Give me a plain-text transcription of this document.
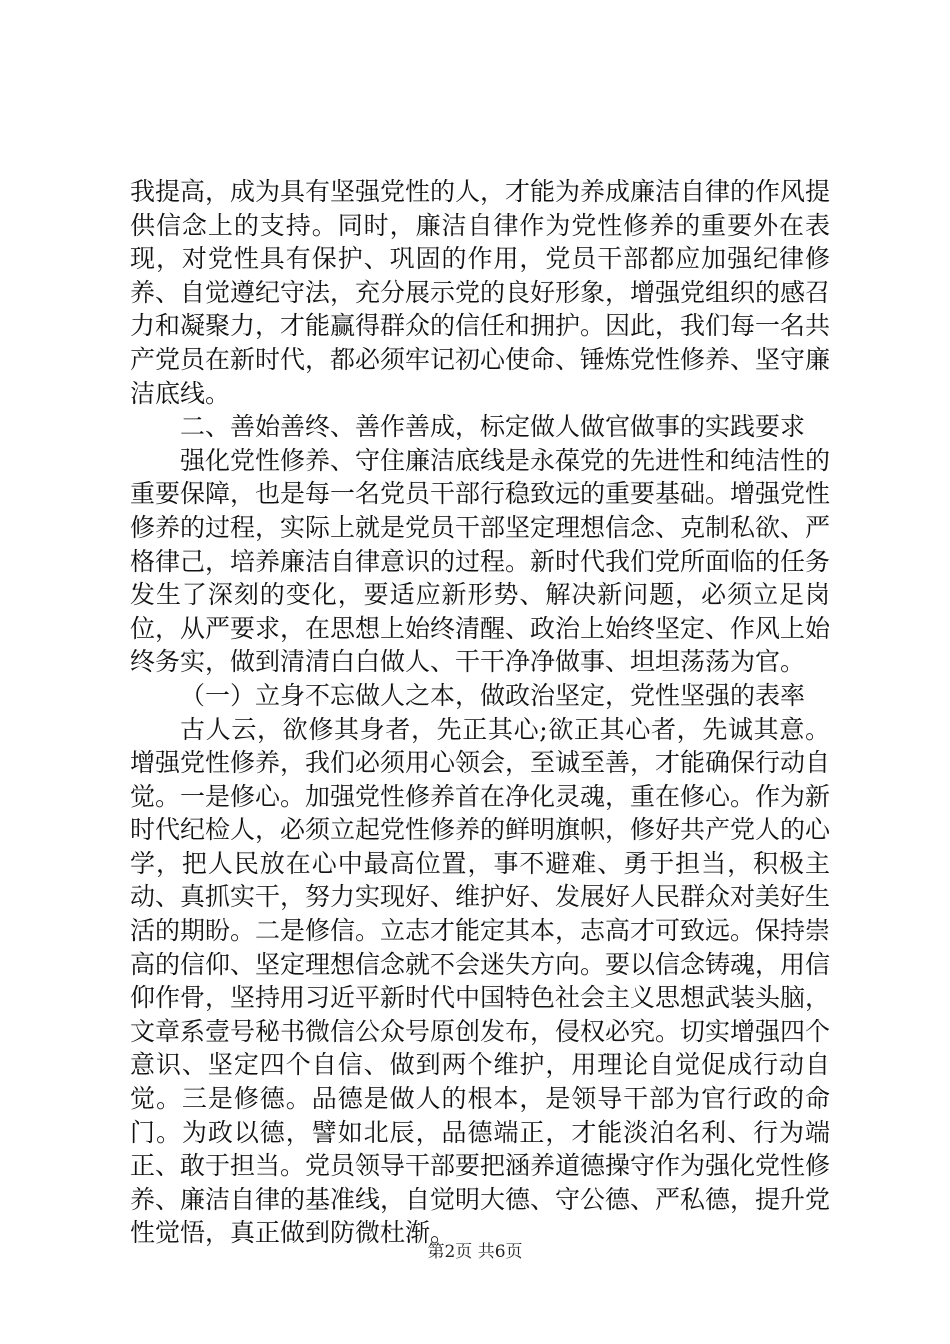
我提高，成为具有坚强党性的人，才能为养成廉洁自律的作风提供信念上的支持。同时，廉洁自律作为党性修养的重要外在表现，对党性具有保护、巩固的作用，党员干部都应加强纪律修养、自觉遵纪守法，充分展示党的良好形象，增强党组织的感召力和凝聚力，才能赢得群众的信任和拥护。因此，我们每一名共产党员在新时代，都必须牢记初心使命、锤炼党性修养、坚守廉洁底线。

二、善始善终、善作善成，标定做人做官做事的实践要求

强化党性修养、守住廉洁底线是永葆党的先进性和纯洁性的重要保障，也是每一名党员干部行稳致远的重要基础。增强党性修养的过程，实际上就是党员干部坚定理想信念、克制私欲、严格律己，培养廉洁自律意识的过程。新时代我们党所面临的任务发生了深刻的变化，要适应新形势、解决新问题，必须立足岗位，从严要求，在思想上始终清醒、政治上始终坚定、作风上始终务实，做到清清白白做人、干干净净做事、坦坦荡荡为官。

（一）立身不忘做人之本，做政治坚定，党性坚强的表率

古人云，欲修其身者，先正其心;欲正其心者，先诚其意。增强党性修养，我们必须用心领会，至诚至善，才能确保行动自觉。一是修心。加强党性修养首在净化灵魂，重在修心。作为新时代纪检人，必须立起党性修养的鲜明旗帜，修好共产党人的心学，把人民放在心中最高位置，事不避难、勇于担当，积极主动、真抓实干，努力实现好、维护好、发展好人民群众对美好生活的期盼。二是修信。立志才能定其本，志高才可致远。保持崇高的信仰、坚定理想信念就不会迷失方向。要以信念铸魂，用信仰作骨，坚持用习近平新时代中国特色社会主义思想武装头脑，文章系壹号秘书微信公众号原创发布，侵权必究。切实增强四个意识、坚定四个自信、做到两个维护，用理论自觉促成行动自觉。三是修德。品德是做人的根本，是领导干部为官行政的命门。为政以德，譬如北辰，品德端正，才能淡泊名利、行为端正、敢于担当。党员领导干部要把涵养道德操守作为强化党性修养、廉洁自律的基准线，自觉明大德、守公德、严私德，提升党性觉悟，真正做到防微杜渐。

第2页 共6页
